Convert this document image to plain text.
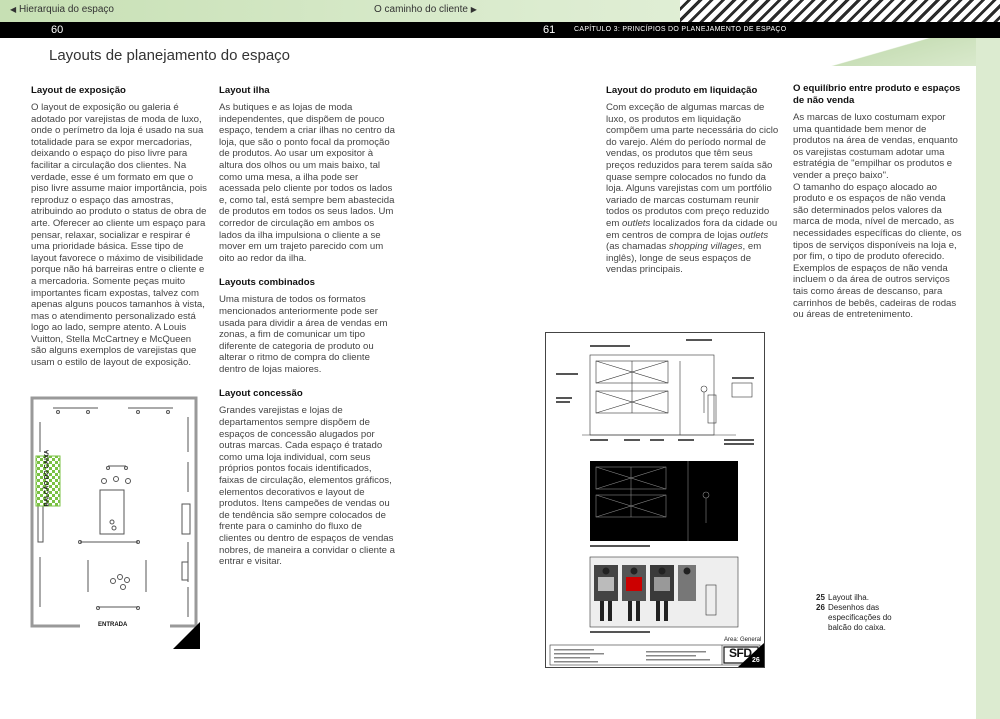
◀ Hierarquia do espaço	O caminho do cliente ▶
60	61	CAPÍTULO 3: PRINCÍPIOS DO PLANEJAMENTO DE ESPAÇO
Layouts de planejamento do espaço
Layout de exposição

O layout de exposição ou galeria é adotado por varejistas de moda de luxo, onde o perímetro da loja é usado na sua totalidade para se expor mercadorias, deixando o espaço do piso livre para facilitar a circulação dos clientes. Na verdade, esse é um formato em que o piso livre assume maior importância, pois reproduz o espaço das amostras, atribuindo ao produto o status de obra de arte. Oferecer ao cliente um espaço para pensar, relaxar, socializar e respirar é uma prioridade básica. Esse tipo de layout favorece o máximo de visibilidade porque não há barreiras entre o cliente e a mercadoria. Somente peças muito importantes ficam expostas, talvez com apenas alguns poucos tamanhos à vista, mas o atendimento personalizado está logo ao lado, sempre atento. A Louis Vuitton, Stella McCartney e McQueen são alguns exemplos de varejistas que usam o estilo de layout de exposição.

Layout ilha

As butiques e as lojas de moda independentes, que dispõem de pouco espaço, tendem a criar ilhas no centro da loja, que são o ponto focal da promoção de produtos. Ao usar um expositor à altura dos olhos ou um mais baixo, tal como uma mesa, a ilha pode ser acessada pelo cliente por todos os lados e, como tal, está sempre bem abastecida de produtos em todos os seus lados. Um corredor de circulação em ambos os lados da ilha impulsiona o cliente a se mover em um trajeto parecido com um oito ao redor da ilha.

Layouts combinados

Uma mistura de todos os formatos mencionados anteriormente pode ser usada para dividir a área de vendas em zonas, a fim de comunicar um tipo diferente de categoria de produto ou alterar o ritmo de compra do cliente dentro de lojas maiores.

Layout concessão

Grandes varejistas e lojas de departamentos sempre dispõem de espaços de concessão alugados por outras marcas. Cada espaço é tratado como uma loja individual, com seus próprios pontos focais identificados, faixas de circulação, elementos gráficos, elementos decorativos e layout de produtos. Itens campeões de vendas ou de tendência são sempre colocados de frente para o caminho do fluxo de clientes ou dentro de espaços de vendas nobres, de maneira a convidar o cliente a entrar e visitar.

Layout do produto em liquidação

Com exceção de algumas marcas de luxo, os produtos em liquidação compõem uma parte necessária do ciclo do varejo. Além do período normal de vendas, os produtos que têm seus preços reduzidos para terem saída são quase sempre colocados no fundo da loja. Alguns varejistas com um portfólio variado de marcas costumam reunir todos os produtos com preço reduzido em outlets localizados fora da cidade ou em centros de compra de lojas outlets (as chamadas shopping villages, em inglês), longe de seus espaços de vendas principais.

O equilíbrio entre produto e espaços de não venda

As marcas de luxo costumam expor uma quantidade bem menor de produtos na área de vendas, enquanto os varejistas costumam adotar uma estratégia de "empilhar os produtos e vender a preço baixo".

O tamanho do espaço alocado ao produto e os espaços de não venda são determinados pelos valores da marca de moda, nível de mercado, as necessidades específicas do cliente, os tipos de serviços disponíveis na loja e, por fim, o tipo de produto oferecido. Exemplos de espaços de não venda incluem o da área de outros serviços tais como áreas de descanso, para carrinhos de bebês, cadeiras de rodas ou áreas de entretenimento.

BALCÃO DO CAIXA
ENTRADA
25
SFD
Area: General
26
25 Layout ilha.
26 Desenhos das especificações do balcão do caixa.
